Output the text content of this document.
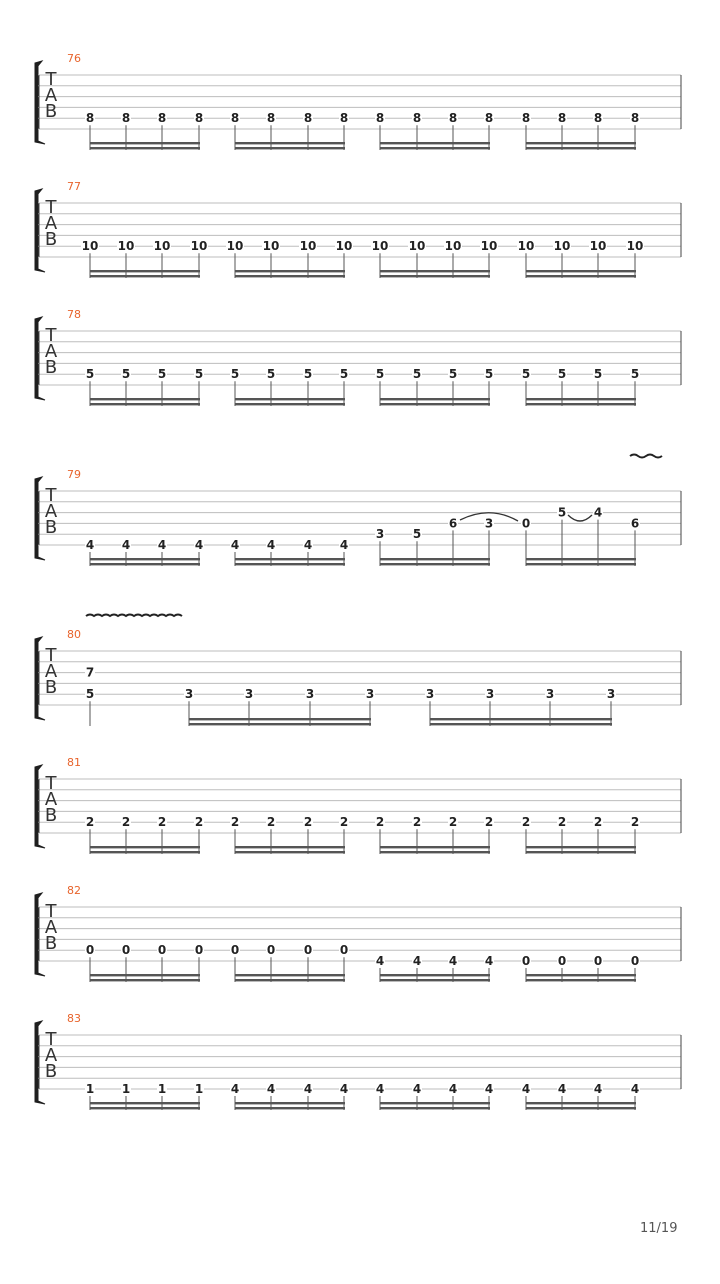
76
T
A
B 8 8 8 8 8 8 8 8 8 8 8 8 8 8 8 8
77
T
A
B 10 10 10 10 10 10 10 10 10 10 10 10 10 10 10 10
78
T
A
B 5 5 5 5 5 5 5 5 5 5 5 5 5 5 5 5
79
T
A
B
4 4 4 4 4 4 4 4
3 5
6 3 0
5 4
6
80
T
A
B 5	3	3	3	3	3	3	3	3
7
81
T
A
B 2 2 2 2 2 2 2 2 2 2 2 2 2 2 2 2
82
T
A
B 0 0 0 0 0 0 0 0
4 4 4 4 0 0 0 0
83
T
A
B
1 1 1 1 4 4 4 4 4 4 4 4 4 4 4 4
11/19
